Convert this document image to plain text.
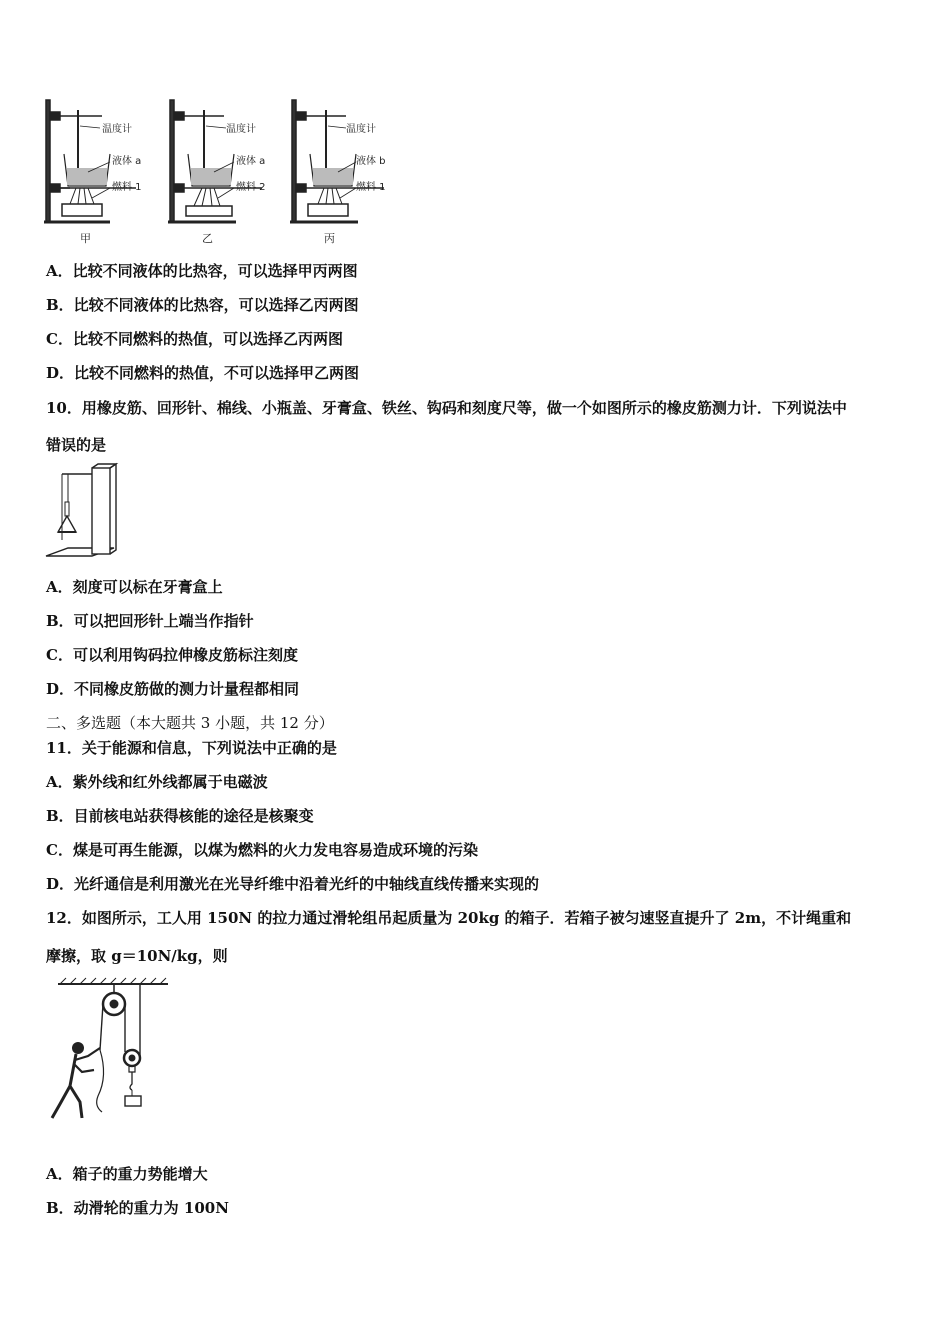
温度计
液体 a
燃料 1
甲
温度计
液体 a
燃料 2
乙
温度计
液体 b
燃料 1
丙
A．比较不同液体的比热容，可以选择甲丙两图
B．比较不同液体的比热容，可以选择乙丙两图
C．比较不同燃料的热值，可以选择乙丙两图
D．比较不同燃料的热值，不可以选择甲乙两图
10．用橡皮筋、回形针、棉线、小瓶盖、牙膏盒、铁丝、钩码和刻度尺等，做一个如图所示的橡皮筋测力计．下列说法中
错误的是
A．刻度可以标在牙膏盒上
B．可以把回形针上端当作指针
C．可以利用钩码拉伸橡皮筋标注刻度
D．不同橡皮筋做的测力计量程都相同
二、多选题（本大题共 3 小题，共 12 分）
11．关于能源和信息，下列说法中正确的是
A．紫外线和红外线都属于电磁波
B．目前核电站获得核能的途径是核聚变
C．煤是可再生能源，以煤为燃料的火力发电容易造成环境的污染
D．光纤通信是利用激光在光导纤维中沿着光纤的中轴线直线传播来实现的
12．如图所示，工人用 150N 的拉力通过滑轮组吊起质量为 20kg 的箱子．若箱子被匀速竖直提升了 2m，不计绳重和
摩擦，取 g＝10N/kg，则
A．箱子的重力势能增大
B．动滑轮的重力为 100N
